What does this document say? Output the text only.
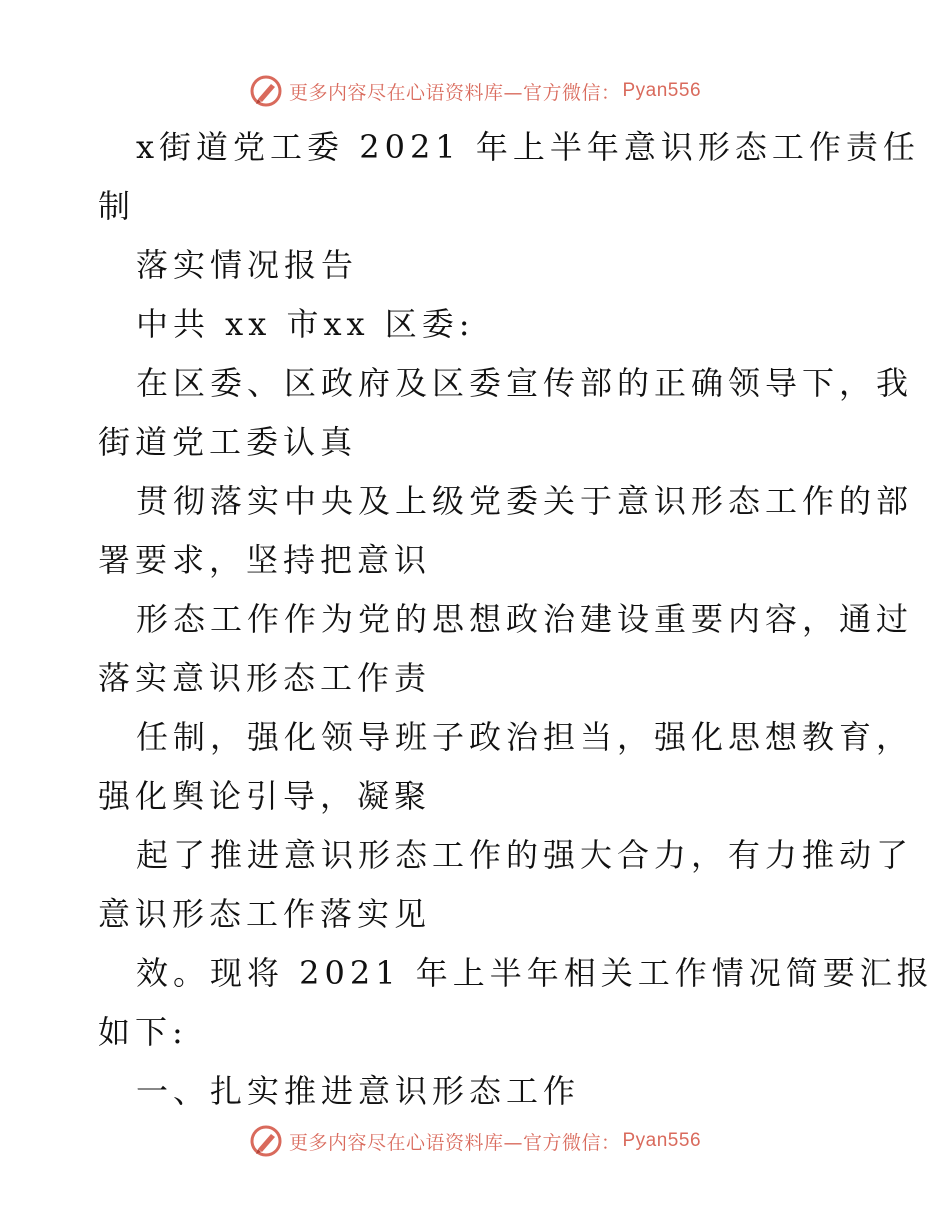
更多内容尽在心语资料库—官方微信： Pyan556

x街道党工委 2021 年上半年意识形态工作责任
制

落实情况报告

中共 xx 市xx 区委:

在区委、区政府及区委宣传部的正确领导下，我
街道党工委认真

贯彻落实中央及上级党委关于意识形态工作的部
署要求，坚持把意识

形态工作作为党的思想政治建设重要内容，通过
落实意识形态工作责

任制，强化领导班子政治担当，强化思想教育，
强化舆论引导，凝聚

起了推进意识形态工作的强大合力，有力推动了
意识形态工作落实见

效。现将 2021 年上半年相关工作情况简要汇报
如下:

一、扎实推进意识形态工作

更多内容尽在心语资料库—官方微信： Pyan556
